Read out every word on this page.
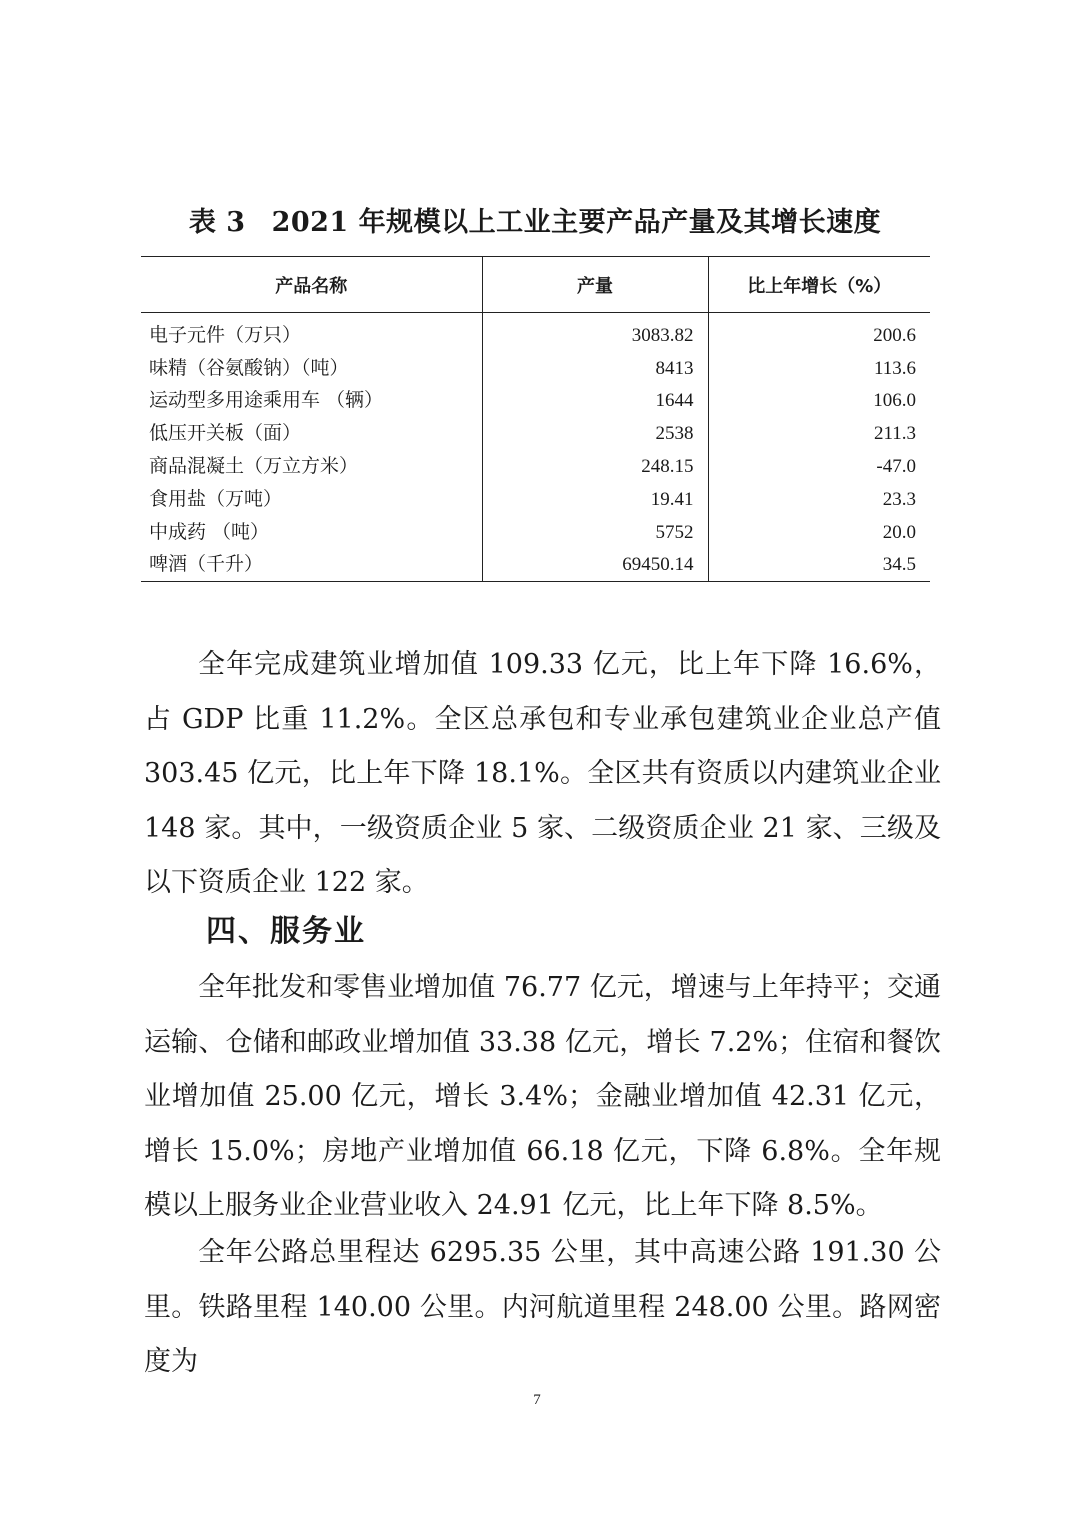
表 3 2021 年规模以上工业主要产品产量及其增长速度
产品名称	产量	比上年增长（%）
电子元件（万只）	3083.82	200.6
味精（谷氨酸钠）（吨）	8413	113.6
运动型多用途乘用车 （辆）	1644	106.0
低压开关板（面）	2538	211.3
商品混凝土（万立方米）	248.15	-47.0
食用盐（万吨）	19.41	23.3
中成药 （吨）	5752	20.0
啤酒（千升）	69450.14	34.5

全年完成建筑业增加值 109.33 亿元，比上年下降 16.6%，占 GDP 比重 11.2%。全区总承包和专业承包建筑业企业总产值 303.45 亿元，比上年下降 18.1%。全区共有资质以内建筑业企业 148 家。其中，一级资质企业 5 家、二级资质企业 21 家、三级及以下资质企业 122 家。

四、服务业

全年批发和零售业增加值 76.77 亿元，增速与上年持平；交通运输、仓储和邮政业增加值 33.38 亿元，增长 7.2%；住宿和餐饮业增加值 25.00 亿元，增长 3.4%；金融业增加值 42.31 亿元，增长 15.0%；房地产业增加值 66.18 亿元，下降 6.8%。全年规模以上服务业企业营业收入 24.91 亿元，比上年下降 8.5%。

全年公路总里程达 6295.35 公里，其中高速公路 191.30 公里。铁路里程 140.00 公里。内河航道里程 248.00 公里。路网密度为

7
